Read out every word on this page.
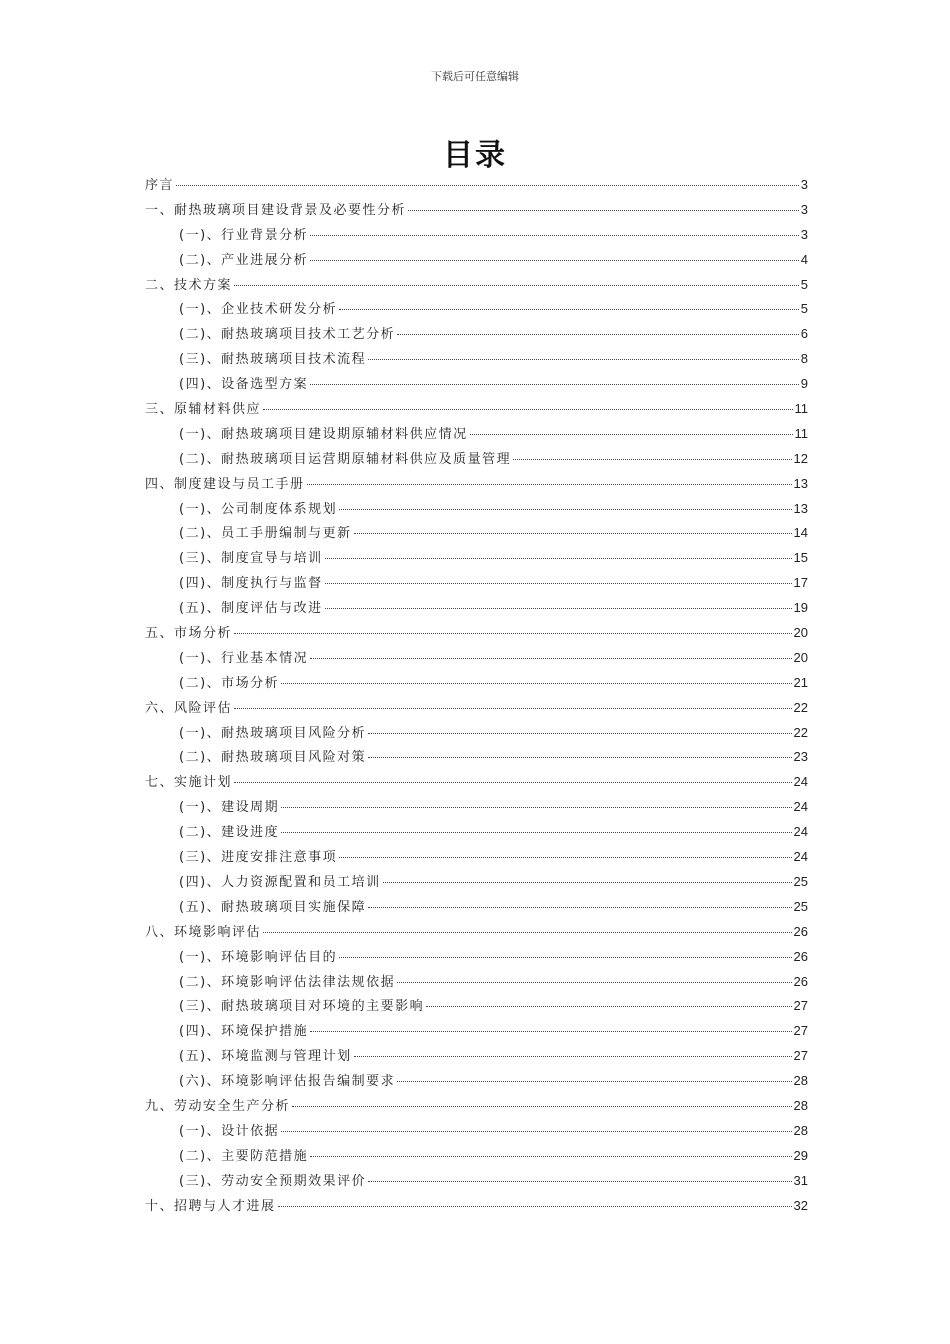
下载后可任意编辑
目录
序言	3
一、耐热玻璃项目建设背景及必要性分析	3
(一)、行业背景分析	3
(二)、产业进展分析	4
二、技术方案	5
(一)、企业技术研发分析	5
(二)、耐热玻璃项目技术工艺分析	6
(三)、耐热玻璃项目技术流程	8
(四)、设备选型方案	9
三、原辅材料供应	11
(一)、耐热玻璃项目建设期原辅材料供应情况	11
(二)、耐热玻璃项目运营期原辅材料供应及质量管理	12
四、制度建设与员工手册	13
(一)、公司制度体系规划	13
(二)、员工手册编制与更新	14
(三)、制度宣导与培训	15
(四)、制度执行与监督	17
(五)、制度评估与改进	19
五、市场分析	20
(一)、行业基本情况	20
(二)、市场分析	21
六、风险评估	22
(一)、耐热玻璃项目风险分析	22
(二)、耐热玻璃项目风险对策	23
七、实施计划	24
(一)、建设周期	24
(二)、建设进度	24
(三)、进度安排注意事项	24
(四)、人力资源配置和员工培训	25
(五)、耐热玻璃项目实施保障	25
八、环境影响评估	26
(一)、环境影响评估目的	26
(二)、环境影响评估法律法规依据	26
(三)、耐热玻璃项目对环境的主要影响	27
(四)、环境保护措施	27
(五)、环境监测与管理计划	27
(六)、环境影响评估报告编制要求	28
九、劳动安全生产分析	28
(一)、设计依据	28
(二)、主要防范措施	29
(三)、劳动安全预期效果评价	31
十、招聘与人才进展	32
